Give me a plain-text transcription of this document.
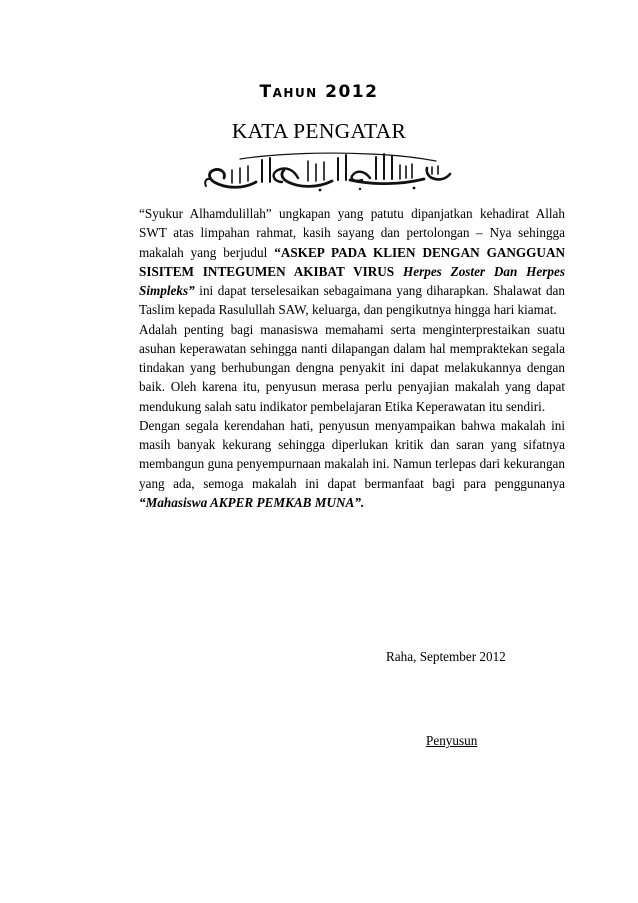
Tahun 2012
KATA PENGATAR

“Syukur Alhamdulillah” ungkapan yang patutu dipanjatkan kehadirat Allah SWT atas limpahan rahmat, kasih sayang dan pertolongan – Nya sehingga makalah yang berjudul “ASKEP PADA KLIEN DENGAN GANGGUAN SISITEM INTEGUMEN AKIBAT VIRUS Herpes Zoster Dan Herpes Simpleks” ini dapat terselesaikan sebagaimana yang diharapkan. Shalawat dan Taslim kepada Rasulullah SAW, keluarga, dan pengikutnya hingga hari kiamat.

Adalah penting bagi manasiswa memahami serta menginterprestaikan suatu asuhan keperawatan sehingga nanti dilapangan dalam hal mempraktekan segala tindakan yang berhubungan dengna penyakit ini dapat melakukannya dengan baik. Oleh karena itu, penyusun merasa perlu penyajian makalah yang dapat mendukung salah satu indikator pembelajaran Etika Keperawatan itu sendiri.

Dengan segala kerendahan hati, penyusun menyampaikan bahwa makalah ini masih banyak kekurang sehingga diperlukan kritik dan saran yang sifatnya membangun guna penyempurnaan makalah ini. Namun terlepas dari kekurangan yang ada, semoga makalah ini dapat bermanfaat bagi para penggunanya “Mahasiswa AKPER PEMKAB MUNA”.

Raha, September 2012
Penyusun
